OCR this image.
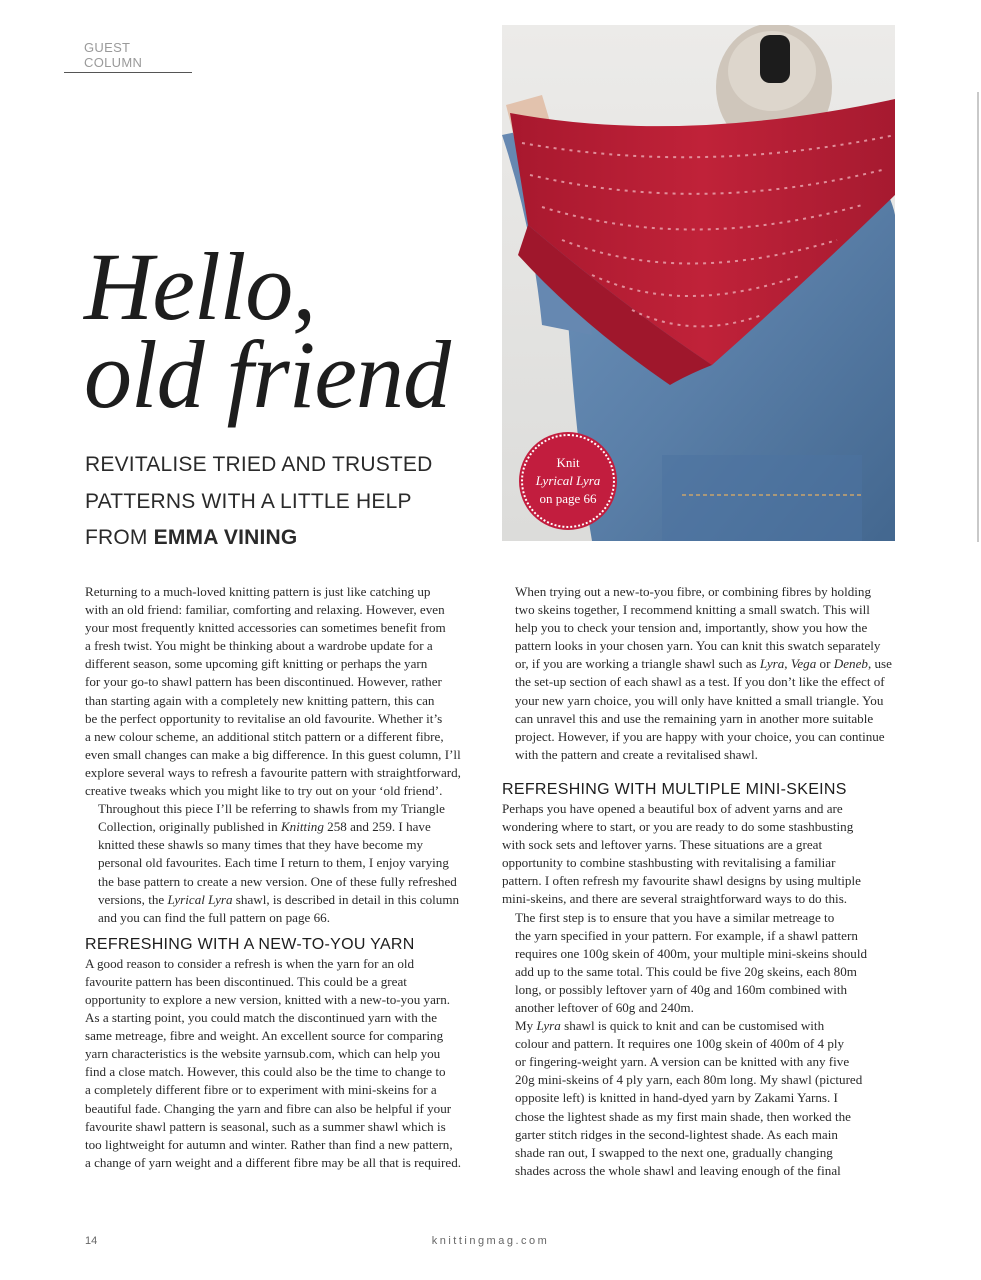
GUEST COLUMN
Hello,
old friend
REVITALISE TRIED AND TRUSTED
PATTERNS WITH A LITTLE HELP
FROM EMMA VINING
Knit
Lyrical Lyra
on page 66

Returning to a much-loved knitting pattern is just like catching up
with an old friend: familiar, comforting and relaxing. However, even
your most frequently knitted accessories can sometimes benefit from
a fresh twist. You might be thinking about a wardrobe update for a
different season, some upcoming gift knitting or perhaps the yarn
for your go-to shawl pattern has been discontinued. However, rather
than starting again with a completely new knitting pattern, this can
be the perfect opportunity to revitalise an old favourite. Whether it’s
a new colour scheme, an additional stitch pattern or a different fibre,
even small changes can make a big difference. In this guest column, I’ll
explore several ways to refresh a favourite pattern with straightforward,
creative tweaks which you might like to try out on your ‘old friend’.

Throughout this piece I’ll be referring to shawls from my Triangle
Collection, originally published in Knitting 258 and 259. I have
knitted these shawls so many times that they have become my
personal old favourites. Each time I return to them, I enjoy varying
the base pattern to create a new version. One of these fully refreshed
versions, the Lyrical Lyra shawl, is described in detail in this column
and you can find the full pattern on page 66.

REFRESHING WITH A NEW-TO-YOU YARN

A good reason to consider a refresh is when the yarn for an old
favourite pattern has been discontinued. This could be a great
opportunity to explore a new version, knitted with a new-to-you yarn.
As a starting point, you could match the discontinued yarn with the
same metreage, fibre and weight. An excellent source for comparing
yarn characteristics is the website yarnsub.com, which can help you
find a close match. However, this could also be the time to change to
a completely different fibre or to experiment with mini-skeins for a
beautiful fade. Changing the yarn and fibre can also be helpful if your
favourite shawl pattern is seasonal, such as a summer shawl which is
too lightweight for autumn and winter. Rather than find a new pattern,
a change of yarn weight and a different fibre may be all that is required.

When trying out a new-to-you fibre, or combining fibres by holding
two skeins together, I recommend knitting a small swatch. This will
help you to check your tension and, importantly, show you how the
pattern looks in your chosen yarn. You can knit this swatch separately
or, if you are working a triangle shawl such as Lyra, Vega or Deneb, use
the set-up section of each shawl as a test. If you don’t like the effect of
your new yarn choice, you will only have knitted a small triangle. You
can unravel this and use the remaining yarn in another more suitable
project. However, if you are happy with your choice, you can continue
with the pattern and create a revitalised shawl.

REFRESHING WITH MULTIPLE MINI-SKEINS

Perhaps you have opened a beautiful box of advent yarns and are
wondering where to start, or you are ready to do some stashbusting
with sock sets and leftover yarns. These situations are a great
opportunity to combine stashbusting with revitalising a familiar
pattern. I often refresh my favourite shawl designs by using multiple
mini-skeins, and there are several straightforward ways to do this.

The first step is to ensure that you have a similar metreage to
the yarn specified in your pattern. For example, if a shawl pattern
requires one 100g skein of 400m, your multiple mini-skeins should
add up to the same total. This could be five 20g skeins, each 80m
long, or possibly leftover yarn of 40g and 160m combined with
another leftover of 60g and 240m.

My Lyra shawl is quick to knit and can be customised with
colour and pattern. It requires one 100g skein of 400m of 4 ply
or fingering-weight yarn. A version can be knitted with any five
20g mini-skeins of 4 ply yarn, each 80m long. My shawl (pictured
opposite left) is knitted in hand-dyed yarn by Zakami Yarns. I
chose the lightest shade as my first main shade, then worked the
garter stitch ridges in the second-lightest shade. As each main
shade ran out, I swapped to the next one, gradually changing
shades across the whole shawl and leaving enough of the final

14	knittingmag.com
